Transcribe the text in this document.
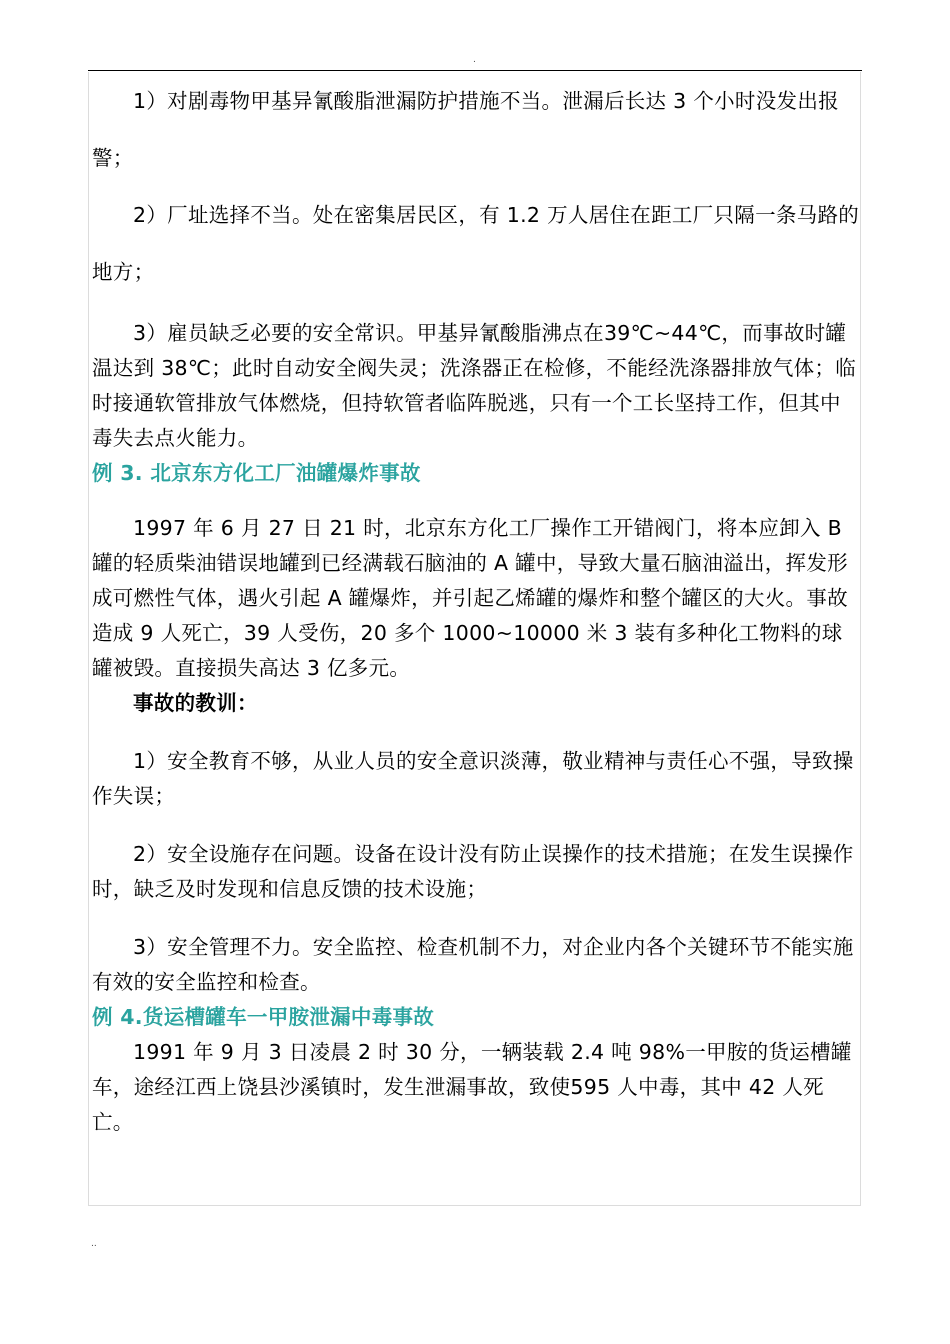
.

1）对剧毒物甲基异氰酸脂泄漏防护措施不当。泄漏后长达 3 个小时没发出报警；

2）厂址选择不当。处在密集居民区，有 1.2 万人居住在距工厂只隔一条马路的地方；

3）雇员缺乏必要的安全常识。甲基异氰酸脂沸点在39℃~44℃，而事故时罐温达到 38℃；此时自动安全阀失灵；洗涤器正在检修，不能经洗涤器排放气体；临时接通软管排放气体燃烧，但持软管者临阵脱逃，只有一个工长坚持工作，但其中毒失去点火能力。

例 3. 北京东方化工厂油罐爆炸事故

1997 年 6 月 27 日 21 时，北京东方化工厂操作工开错阀门，将本应卸入 B 罐的轻质柴油错误地罐到已经满载石脑油的 A 罐中，导致大量石脑油溢出，挥发形成可燃性气体，遇火引起 A 罐爆炸，并引起乙烯罐的爆炸和整个罐区的大火。事故造成 9 人死亡，39 人受伤，20 多个 1000~10000 米 3 装有多种化工物料的球罐被毁。直接损失高达 3 亿多元。

事故的教训：

1）安全教育不够，从业人员的安全意识淡薄，敬业精神与责任心不强，导致操作失误；

2）安全设施存在问题。设备在设计没有防止误操作的技术措施；在发生误操作时，缺乏及时发现和信息反馈的技术设施；

3）安全管理不力。安全监控、检查机制不力，对企业内各个关键环节不能实施有效的安全监控和检查。

例 4.货运槽罐车一甲胺泄漏中毒事故

1991 年 9 月 3 日凌晨 2 时 30 分，一辆装载 2.4 吨 98%一甲胺的货运槽罐车，途经江西上饶县沙溪镇时，发生泄漏事故，致使595 人中毒，其中 42 人死亡。

..
